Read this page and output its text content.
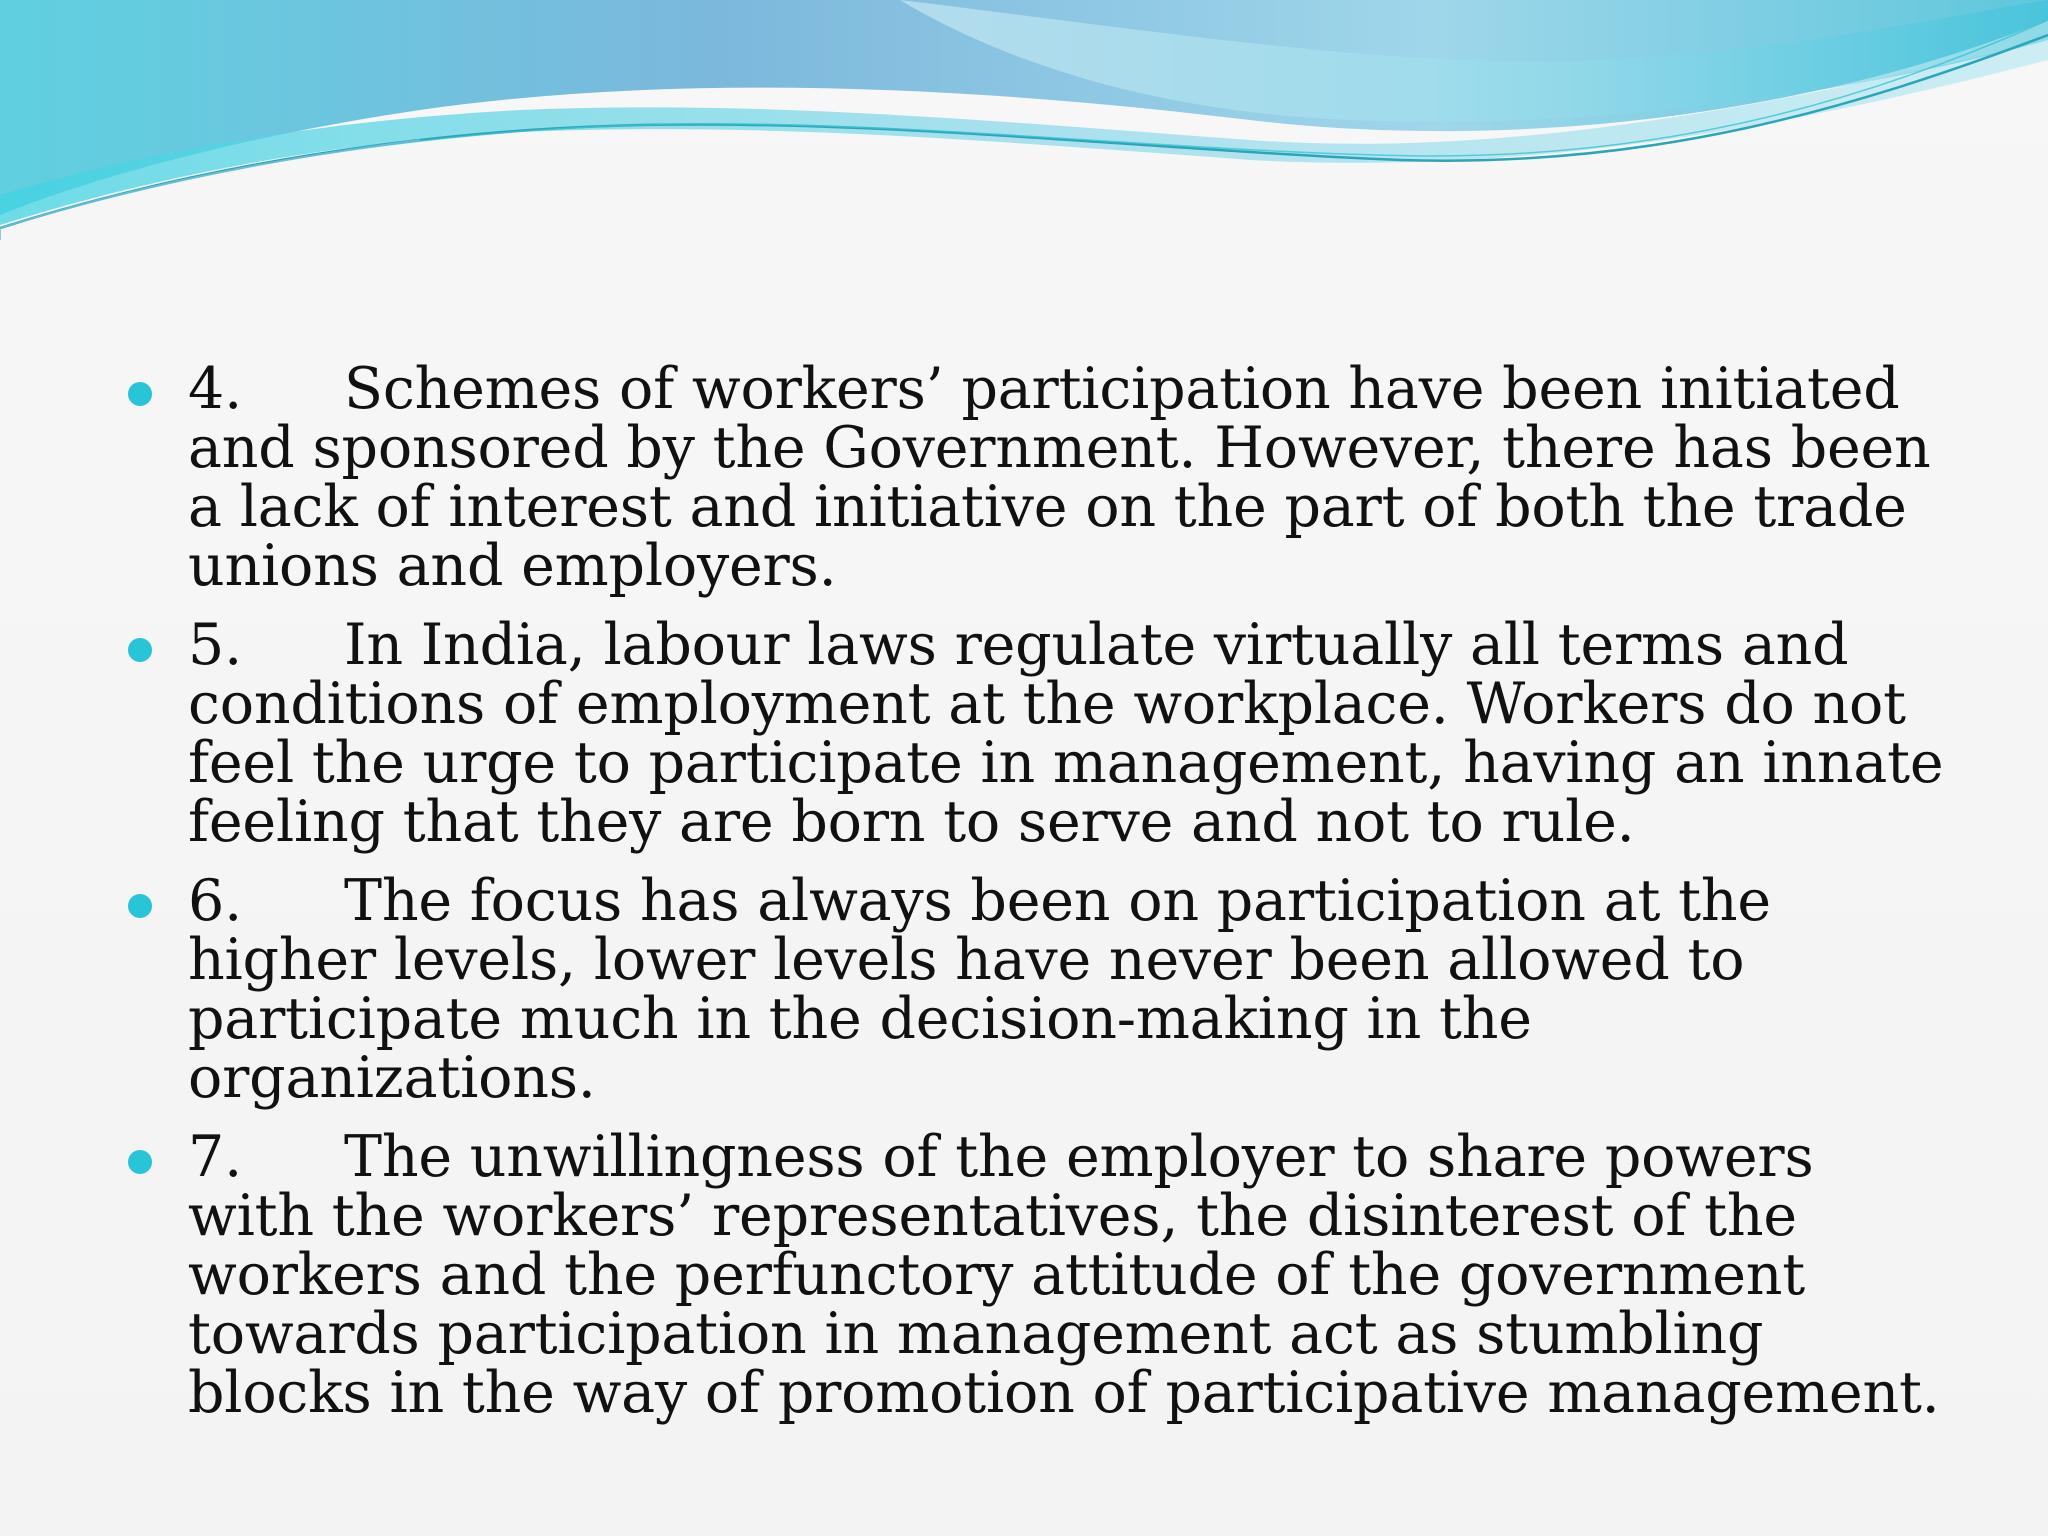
4. Schemes of workers’ participation have been initiated and sponsored by the Government. However, there has been a lack of interest and initiative on the part of both the trade unions and employers.
5. In India, labour laws regulate virtually all terms and conditions of employment at the workplace. Workers do not feel the urge to participate in management, having an innate feeling that they are born to serve and not to rule.
6. The focus has always been on participation at the higher levels, lower levels have never been allowed to participate much in the decision-making in the organizations.
7. The unwillingness of the employer to share powers with the workers’ representatives, the disinterest of the workers and the perfunctory attitude of the government towards participation in management act as stumbling blocks in the way of promotion of participative management.
